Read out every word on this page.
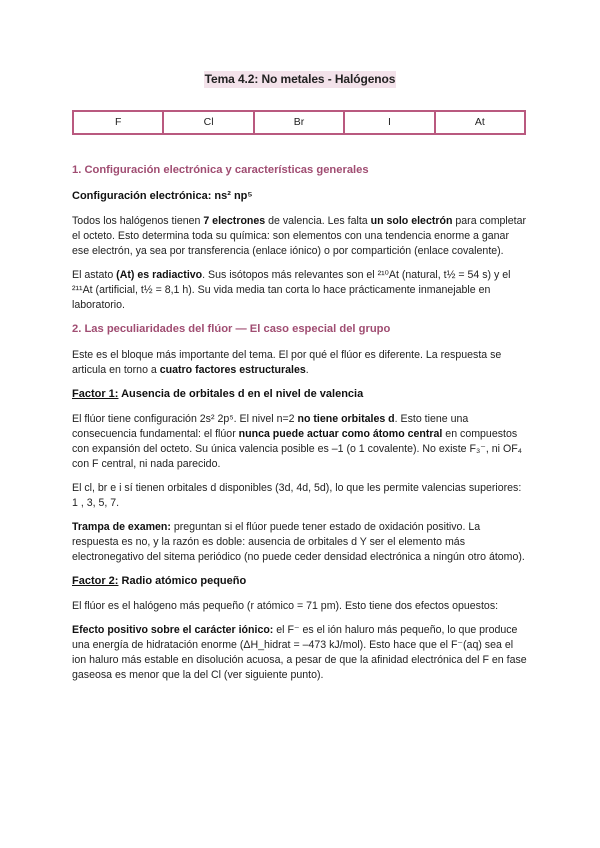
Tema 4.2: No metales - Halógenos
F	Cl	Br	I	At
1. Configuración electrónica y características generales
Configuración electrónica: ns² np⁵

Todos los halógenos tienen 7 electrones de valencia. Les falta un solo electrón para completar el octeto. Esto determina toda su química: son elementos con una tendencia enorme a ganar ese electrón, ya sea por transferencia (enlace iónico) o por compartición (enlace covalente).

El astato (At) es radiactivo. Sus isótopos más relevantes son el ²¹⁰At (natural, t½ = 54 s) y el ²¹¹At (artificial, t½ = 8,1 h). Su vida media tan corta lo hace prácticamente inmanejable en laboratorio.

2. Las peculiaridades del flúor — El caso especial del grupo

Este es el bloque más importante del tema. El por qué el flúor es diferente. La respuesta se articula en torno a cuatro factores estructurales.

Factor 1: Ausencia de orbitales d en el nivel de valencia

El flúor tiene configuración 2s² 2p⁵. El nivel n=2 no tiene orbitales d. Esto tiene una consecuencia fundamental: el flúor nunca puede actuar como átomo central en compuestos con expansión del octeto. Su única valencia posible es –1 (o 1 covalente). No existe F₃⁻, ni OF₄ con F central, ni nada parecido.

El cl, br e i sí tienen orbitales d disponibles (3d, 4d, 5d), lo que les permite valencias superiores: 1 , 3, 5, 7.

Trampa de examen: preguntan si el flúor puede tener estado de oxidación positivo. La respuesta es no, y la razón es doble: ausencia de orbitales d Y ser el elemento más electronegativo del sitema periódico (no puede ceder densidad electrónica a ningún otro átomo).

Factor 2: Radio atómico pequeño

El flúor es el halógeno más pequeño (r atómico = 71 pm). Esto tiene dos efectos opuestos:

Efecto positivo sobre el carácter iónico: el F⁻ es el ión haluro más pequeño, lo que produce una energía de hidratación enorme (ΔH_hidrat = –473 kJ/mol). Esto hace que el F⁻(aq) sea el ion haluro más estable en disolución acuosa, a pesar de que la afinidad electrónica del F en fase gaseosa es menor que la del Cl (ver siguiente punto).
